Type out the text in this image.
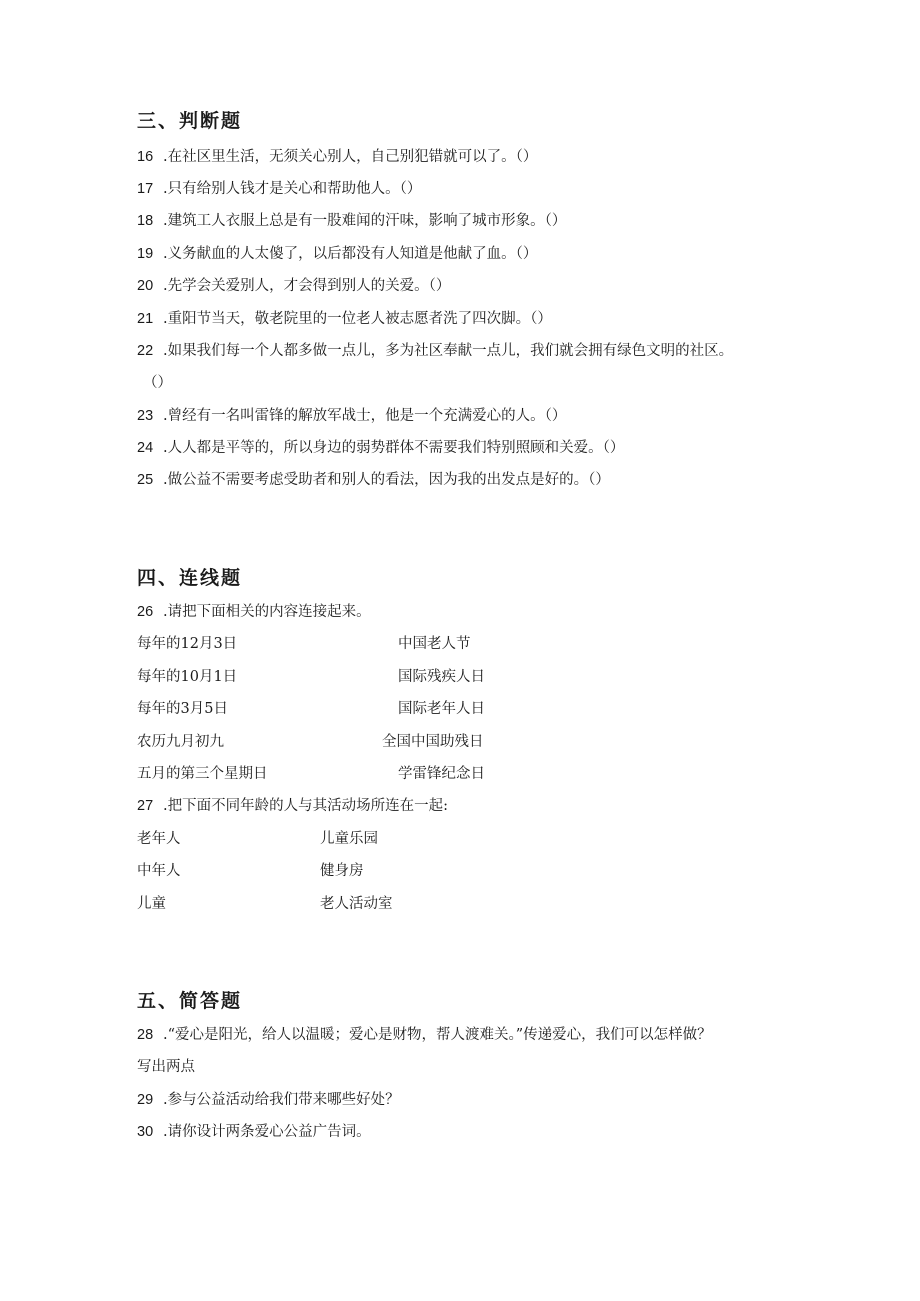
三、判断题
16 .在社区里生活，无须关心别人，自己别犯错就可以了。（）
17 .只有给别人钱才是关心和帮助他人。（）
18 .建筑工人衣服上总是有一股难闻的汗味，影响了城市形象。（）
19 .义务献血的人太傻了，以后都没有人知道是他献了血。（）
20 .先学会关爱别人，才会得到别人的关爱。（）
21 .重阳节当天，敬老院里的一位老人被志愿者洗了四次脚。（）
22 .如果我们每一个人都多做一点儿，多为社区奉献一点儿，我们就会拥有绿色文明的社区。
（）
23 .曾经有一名叫雷锋的解放军战士，他是一个充满爱心的人。（）
24 .人人都是平等的，所以身边的弱势群体不需要我们特别照顾和关爱。（）
25 .做公益不需要考虑受助者和别人的看法，因为我的出发点是好的。（）
四、连线题
26 .请把下面相关的内容连接起来。
每年的12月3日	中国老人节
每年的10月1日	国际残疾人日
每年的3月5日	国际老年人日
农历九月初九	全国中国助残日
五月的第三个星期日	学雷锋纪念日
27 .把下面不同年龄的人与其活动场所连在一起:
老年人	儿童乐园
中年人	健身房
儿童	老人活动室
五、简答题
28 .“爱心是阳光，给人以温暖；爱心是财物，帮人渡难关。”传递爱心，我们可以怎样做？
写出两点
29 .参与公益活动给我们带来哪些好处？
30 .请你设计两条爱心公益广告词。
